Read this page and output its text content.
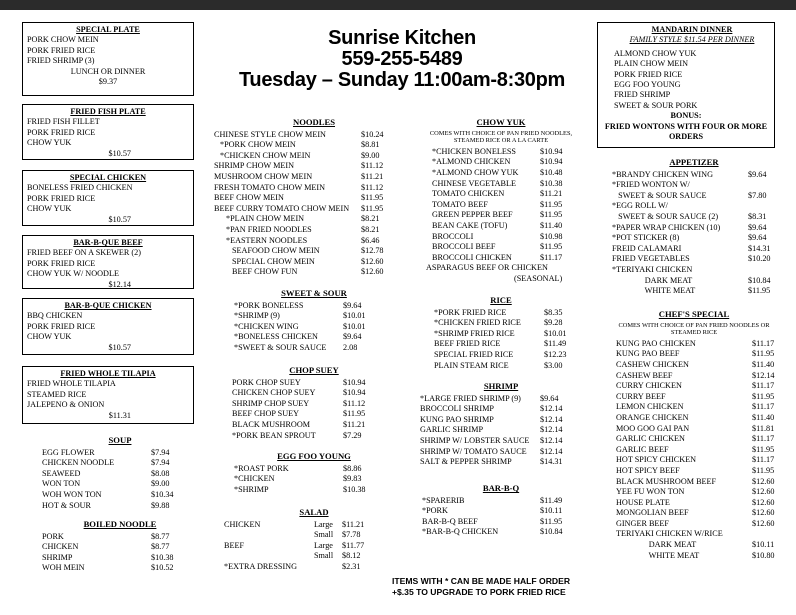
SPECIAL PLATE
PORK CHOW MEIN
PORK FRIED RICE
FRIED SHRIMP (3)
LUNCH OR DINNER
$9.37
FRIED FISH PLATE
FRIED FISH FILLET
PORK FRIED RICE
CHOW YUK
$10.57
SPECIAL CHICKEN
BONELESS FRIED CHICKEN
PORK FRIED RICE
CHOW YUK
$10.57
BAR-B-QUE BEEF
FRIED BEEF ON A SKEWER (2)
PORK FRIED RICE
CHOW YUK W/ NOODLE
$12.14
BAR-B-QUE CHICKEN
BBQ CHICKEN
PORK FRIED RICE
CHOW YUK
$10.57
FRIED WHOLE TILAPIA
FRIED WHOLE TILAPIA
STEAMED RICE
JALEPENO & ONION
$11.31
SOUP
EGG FLOWER	$7.94
CHICKEN NOODLE	$7.94
SEAWEED	$8.08
WON TON	$9.00
WOH WON TON	$10.34
HOT & SOUR	$9.88
BOILED NOODLE
PORK	$8.77
CHICKEN	$8.77
SHRIMP	$10.38
WOH MEIN	$10.52
Sunrise Kitchen
559-255-5489
Tuesday – Sunday 11:00am-8:30pm
NOODLES
CHINESE STYLE CHOW MEIN	$10.24
*PORK CHOW MEIN	$8.81
*CHICKEN CHOW MEIN	$9.00
SHRIMP CHOW MEIN	$11.12
MUSHROOM CHOW MEIN	$11.21
FRESH TOMATO CHOW MEIN	$11.12
BEEF CHOW MEIN	$11.95
BEEF CURRY TOMATO CHOW MEIN $11.95
*PLAIN CHOW MEIN	$8.21
*PAN FRIED NOODLES	$8.21
*EASTERN NOODLES	$6.46
SEAFOOD CHOW MEIN	$12.78
SPECIAL CHOW MEIN	$12.60
BEEF CHOW FUN	$12.60
SWEET & SOUR
*PORK BONELESS	$9.64
*SHRIMP (9)	$10.01
*CHICKEN WING	$10.01
*BONELESS CHICKEN	$9.64
*SWEET & SOUR SAUCE 2.08
CHOP SUEY
PORK CHOP SUEY	$10.94
CHICKEN CHOP SUEY	$10.94
SHRIMP CHOP SUEY	$11.12
BEEF CHOP SUEY	$11.95
BLACK MUSHROOM	$11.21
*PORK BEAN SPROUT	$7.29
EGG FOO YOUNG
*ROAST PORK	$8.86
*CHICKEN	$9.83
*SHRIMP	$10.38
SALAD
CHICKEN	Large $11.21
Small $7.78
BEEF	Large $11.77
Small $8.12
*EXTRA DRESSING	$2.31
CHOW YUK
COMES WITH CHOICE OF PAN FRIED NOODLES, STEAMED RICE OR A LA CARTE
*CHICKEN BONELESS	$10.94
*ALMOND CHICKEN	$10.94
*ALMOND CHOW YUK	$10.48
CHINESE VEGETABLE	$10.38
TOMATO CHICKEN	$11.21
TOMATO BEEF	$11.95
GREEN PEPPER BEEF	$11.95
BEAN CAKE (TOFU)	$11.40
BROCCOLI	$10.98
BROCCOLI BEEF	$11.95
BROCCOLI CHICKEN	$11.17
ASPARAGUS BEEF OR CHICKEN
(SEASONAL)
RICE
*PORK FRIED RICE	$8.35
*CHICKEN FRIED RICE	$9.28
*SHRIMP FRIED RICE	$10.01
BEEF FRIED RICE	$11.49
SPECIAL FRIED RICE	$12.23
PLAIN STEAM RICE	$3.00
SHRIMP
*LARGE FRIED SHRIMP (9) $9.64
BROCCOLI SHRIMP	$12.14
KUNG PAO SHRIMP	$12.14
GARLIC SHRIMP	$12.14
SHRIMP W/ LOBSTER SAUCE $12.14
SHRIMP W/ TOMATO SAUCE $12.14
SALT & PEPPER SHRIMP	$14.31
BAR-B-Q
*SPARERIB	$11.49
*PORK	$10.11
BAR-B-Q BEEF	$11.95
*BAR-B-Q CHICKEN	$10.84
ITEMS WITH * CAN BE MADE HALF ORDER
+$.35 TO UPGRADE TO PORK FRIED RICE
MANDARIN DINNER
FAMILY STYLE $11.54 PER DINNER
ALMOND CHOW YUK
PLAIN CHOW MEIN
PORK FRIED RICE
EGG FOO YOUNG
FRIED SHRIMP
SWEET & SOUR PORK
BONUS:
FRIED WONTONS WITH FOUR OR MORE ORDERS
APPETIZER
*BRANDY CHICKEN WING	$9.64
*FRIED WONTON W/
SWEET & SOUR SAUCE	$7.80
*EGG ROLL W/
SWEET & SOUR SAUCE (2)	$8.31
*PAPER WRAP CHICKEN (10)	$9.64
*POT STICKER (8)	$9.64
FREID CALAMARI	$14.31
FRIED VEGETABLES	$10.20
*TERIYAKI CHICKEN
DARK MEAT	$10.84
WHITE MEAT	$11.95
CHEF'S SPECIAL
COMES WITH CHOICE OF PAN FRIED NOODLES OR STEAMED RICE
KUNG PAO CHICKEN	$11.17
KUNG PAO BEEF	$11.95
CASHEW CHICKEN	$11.40
CASHEW BEEF	$12.14
CURRY CHICKEN	$11.17
CURRY BEEF	$11.95
LEMON CHICKEN	$11.17
ORANGE CHICKEN	$11.40
MOO GOO GAI PAN	$11.81
GARLIC CHICKEN	$11.17
GARLIC BEEF	$11.95
HOT SPICY CHICKEN	$11.17
HOT SPICY BEEF	$11.95
BLACK MUSHROOM BEEF	$12.60
YEE FU WON TON	$12.60
HOUSE PLATE	$12.60
MONGOLIAN BEEF	$12.60
GINGER BEEF	$12.60
TERIYAKI CHICKEN W/RICE
DARK MEAT	$10.11
WHITE MEAT	$10.80
